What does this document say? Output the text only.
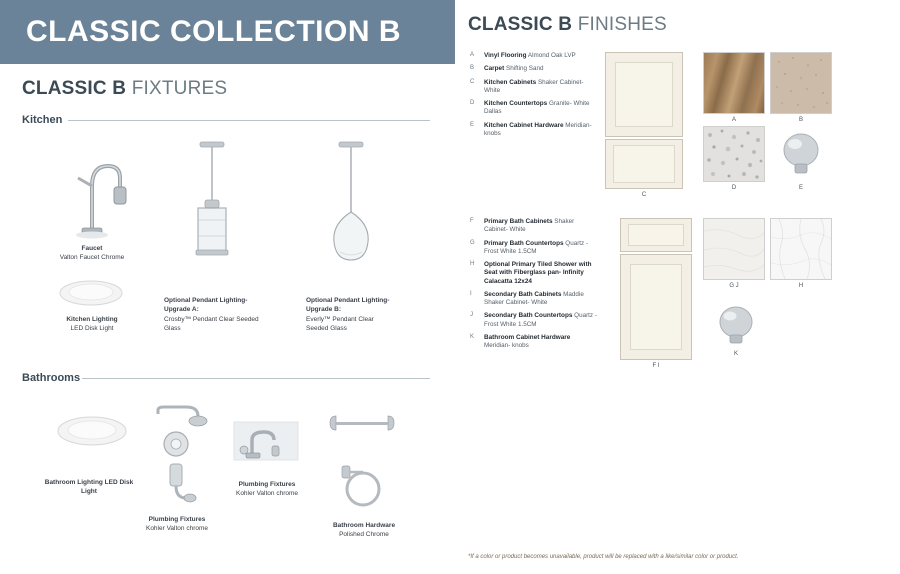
CLASSIC COLLECTION B
CLASSIC B FIXTURES
Kitchen
Faucet
Valton Faucet Chrome
Kitchen Lighting
LED Disk Light
Optional Pendant Lighting- Upgrade A:
Crosby™ Pendant Clear Seeded Glass
Optional Pendant Lighting- Upgrade B:
Everly™ Pendant Clear Seeded Glass
Bathrooms
Bathroom Lighting LED Disk Light
Plumbing Fixtures
Kohler Valton chrome
Plumbing Fixtures
Kohler Valton chrome
Bathroom Hardware
Polished Chrome
CLASSIC B FINISHES
A Vinyl Flooring Almond Oak LVP
B Carpet Shifting Sand
C Kitchen Cabinets Shaker Cabinet- White
D Kitchen Countertops Granite- White Dallas
E Kitchen Cabinet Hardware Meridian- knobs
C
A	B
D	E
F Primary Bath Cabinets Shaker Cabinet- White
G Primary Bath Countertops Quartz - Frost White 1.5CM
H Optional Primary Tiled Shower with Seat with Fiberglass pan- Infinity Calacatta 12x24
I Secondary Bath Cabinets Maddie Shaker Cabinet- White
J Secondary Bath Countertops Quartz - Frost White 1.5CM
K Bathroom Cabinet Hardware Meridian- knobs
F I
G J	H
K
*If a color or product becomes unavailable, product will be replaced with a like/similar color or product.
